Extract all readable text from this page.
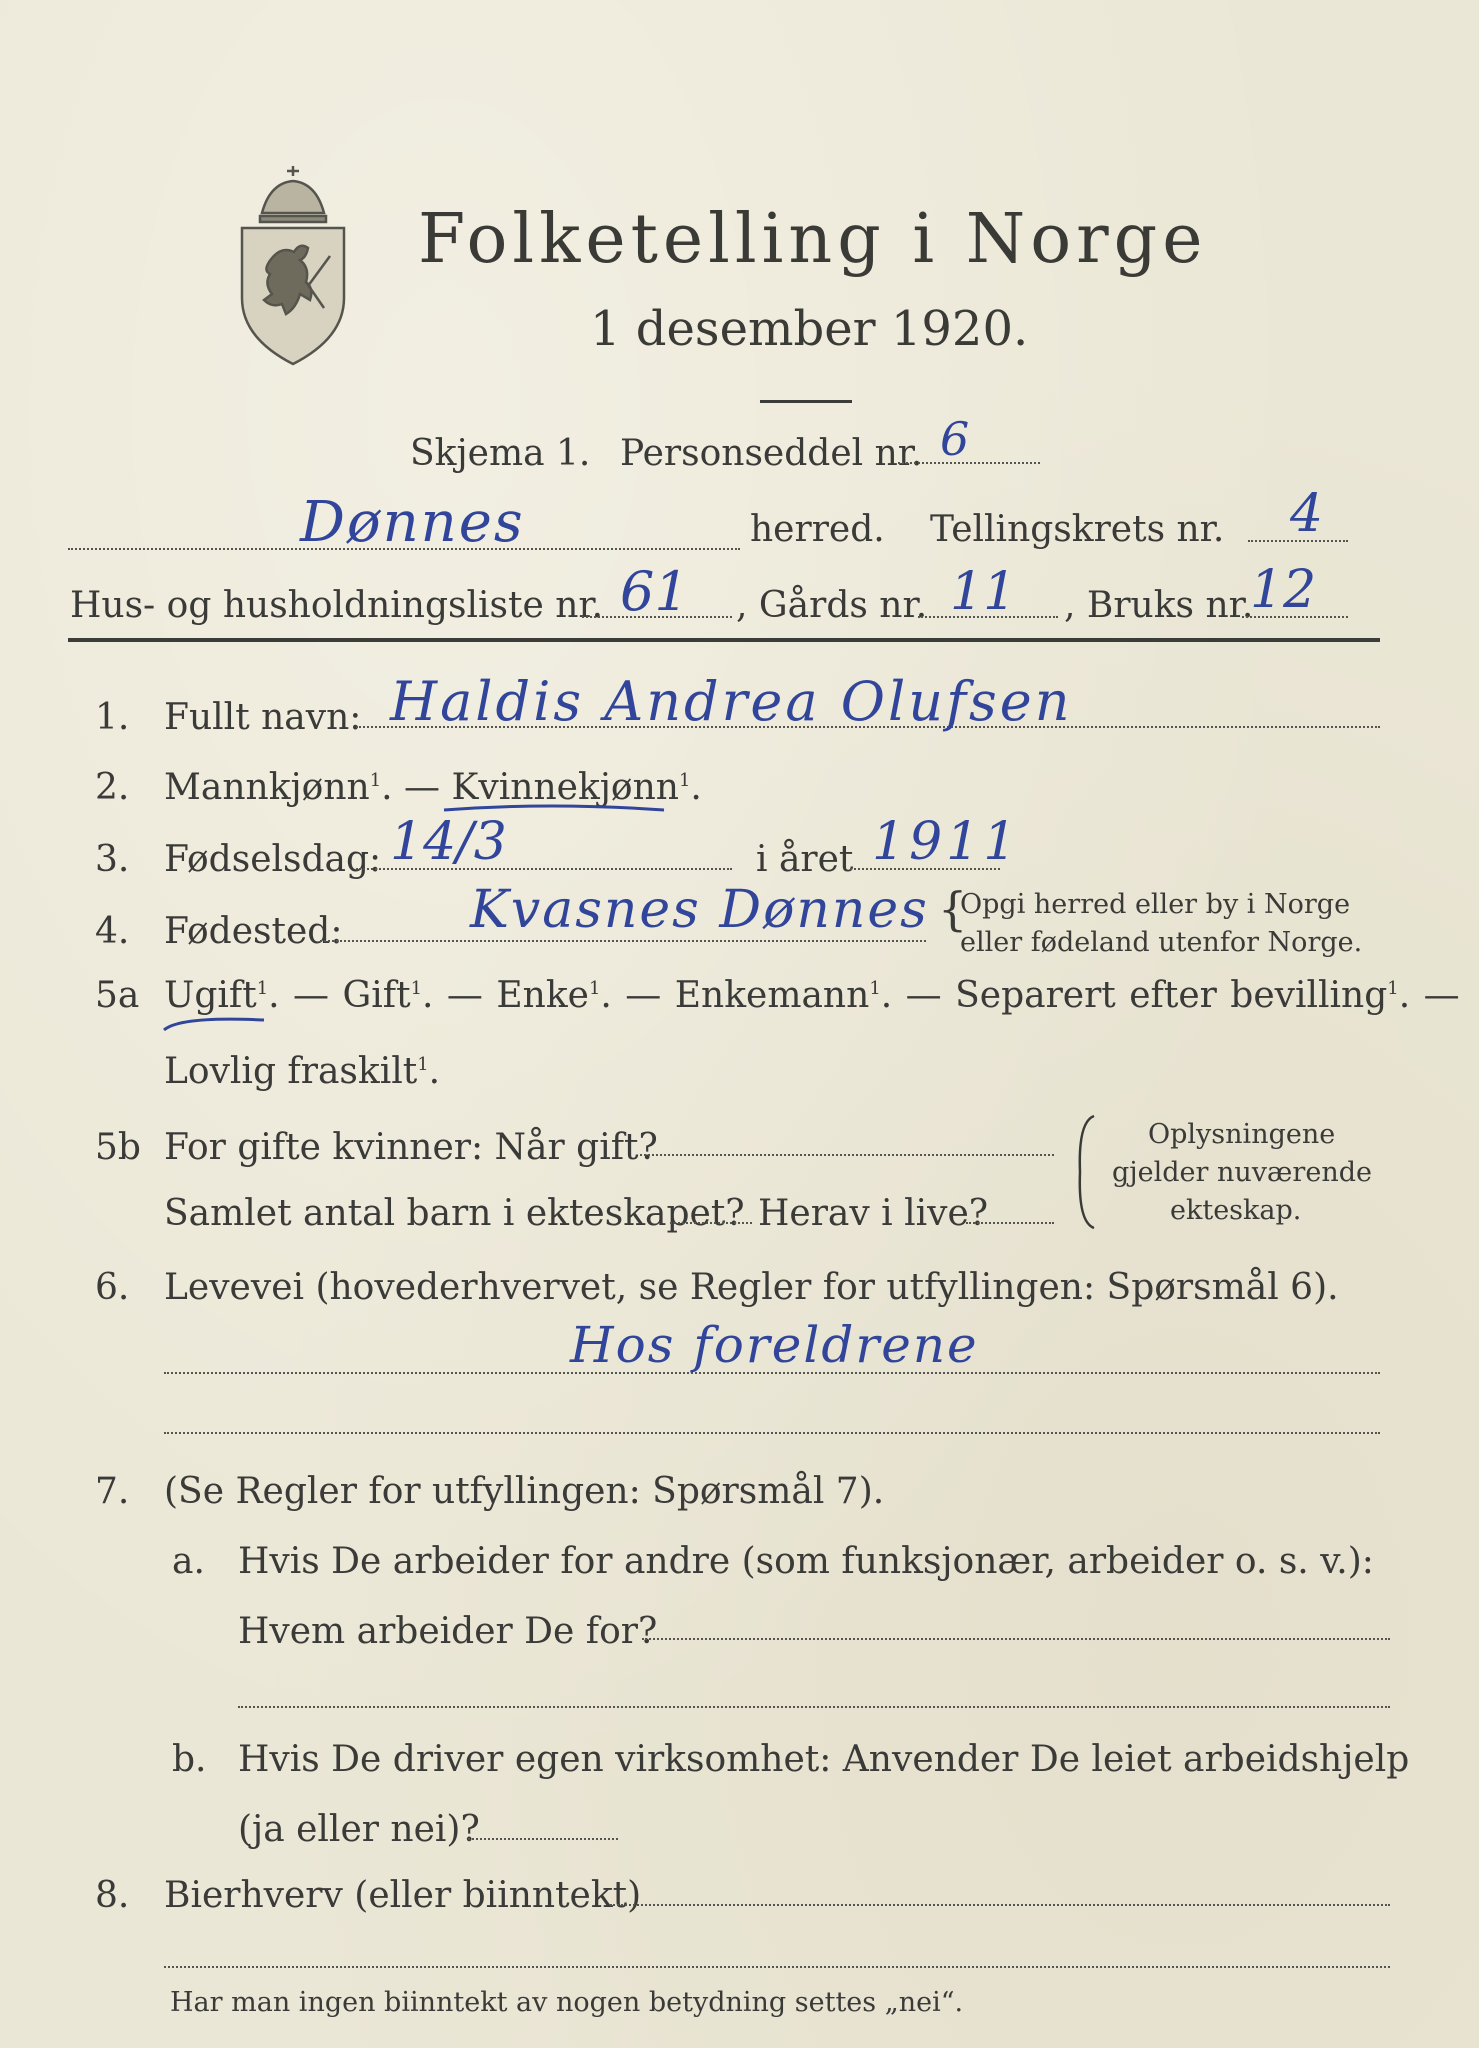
Folketelling i Norge
1 desember 1920.
Skjema 1. Personseddel nr. 6
Dønnes	herred. Tellingskrets nr. 4
Hus- og husholdningsliste nr. 61 , Gårds nr. 11 , Bruks nr.
12
1. Fullt navn: Haldis Andrea Olufsen
2. Mannkjønn$^1$. — Kvinnekjønn$^1$.
3. Fødselsdag: 14/3	i året 1911
4. Fødested: Kvasnes Dønnes {
Opgi herred eller by i Norge
eller fødeland utenfor Norge.
5a Ugift$^1$. — Gift$^1$. — Enke$^1$. — Enkemann$^1$. — Separert efter bevilling$^1$. —
Lovlig fraskilt$^1$.
5b For gifte kvinner: Når gift?
Samlet antal barn i ekteskapet? Herav i live?
Oplysningene
gjelder nuværende
ekteskap.
6. Levevei (hovederhvervet, se Regler for utfyllingen: Spørsmål 6).
Hos foreldrene
7. (Se Regler for utfyllingen: Spørsmål 7).
a. Hvis De arbeider for andre (som funksjonær, arbeider o. s. v.):
Hvem arbeider De for?
b. Hvis De driver egen virksomhet: Anvender De leiet arbeidshjelp
(ja eller nei)?
8. Bierhverv (eller biinntekt)
Har man ingen biinntekt av nogen betydning settes „nei“.
